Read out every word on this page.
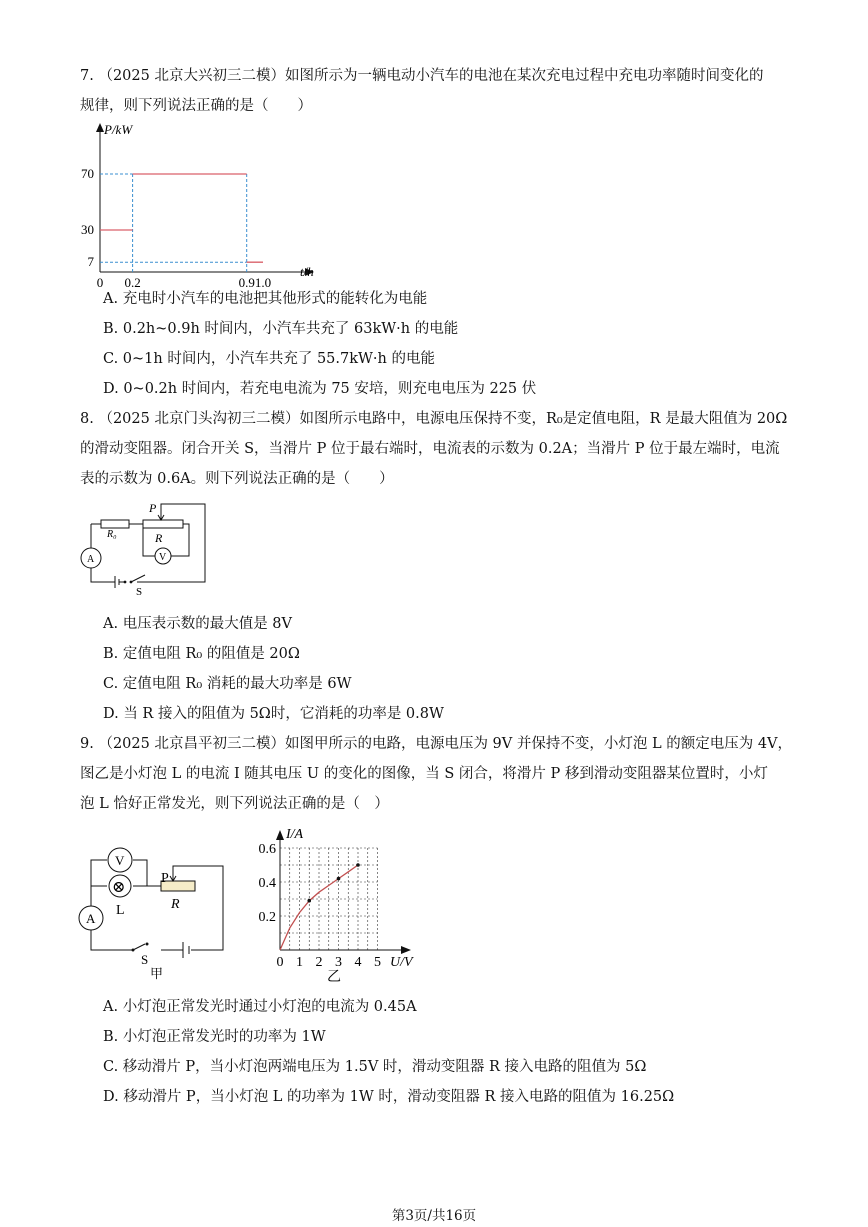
7. （2025 北京大兴初三二模）如图所示为一辆电动小汽车的电池在某次充电过程中充电功率随时间变化的
规律，则下列说法正确的是（　　）
P/kW
t/h
7
30
70
0 0.2	0.9 1.0
A. 充电时小汽车的电池把其他形式的能转化为电能
B. 0.2h~0.9h 时间内，小汽车共充了 63kW·h 的电能
C. 0~1h 时间内，小汽车共充了 55.7kW·h 的电能
D. 0~0.2h 时间内，若充电电流为 75 安培，则充电电压为 225 伏
8. （2025 北京门头沟初三二模）如图所示电路中，电源电压保持不变，R₀是定值电阻，R 是最大阻值为 20Ω
的滑动变阻器。闭合开关 S，当滑片 P 位于最右端时，电流表的示数为 0.2A；当滑片 P 位于最左端时，电流
表的示数为 0.6A。则下列说法正确的是（　　）
P
R₀	R
V
A
S
A. 电压表示数的最大值是 8V
B. 定值电阻 R₀ 的阻值是 20Ω
C. 定值电阻 R₀ 消耗的最大功率是 6W
D. 当 R 接入的阻值为 5Ω时，它消耗的功率是 0.8W
9. （2025 北京昌平初三二模）如图甲所示的电路，电源电压为 9V 并保持不变，小灯泡 L 的额定电压为 4V，
图乙是小灯泡 L 的电流 I 随其电压 U 的变化的图像，当 S 闭合，将滑片 P 移到滑动变阻器某位置时，小灯
泡 L 恰好正常发光，则下列说法正确的是（　）
V
⊗
L
A
P
R
S
甲
I/A
U/V
0.2
0.4
0.6
0 1 2 3 4 5
乙
A. 小灯泡正常发光时通过小灯泡的电流为 0.45A
B. 小灯泡正常发光时的功率为 1W
C. 移动滑片 P，当小灯泡两端电压为 1.5V 时，滑动变阻器 R 接入电路的阻值为 5Ω
D. 移动滑片 P，当小灯泡 L 的功率为 1W 时，滑动变阻器 R 接入电路的阻值为 16.25Ω
第3页/共16页
